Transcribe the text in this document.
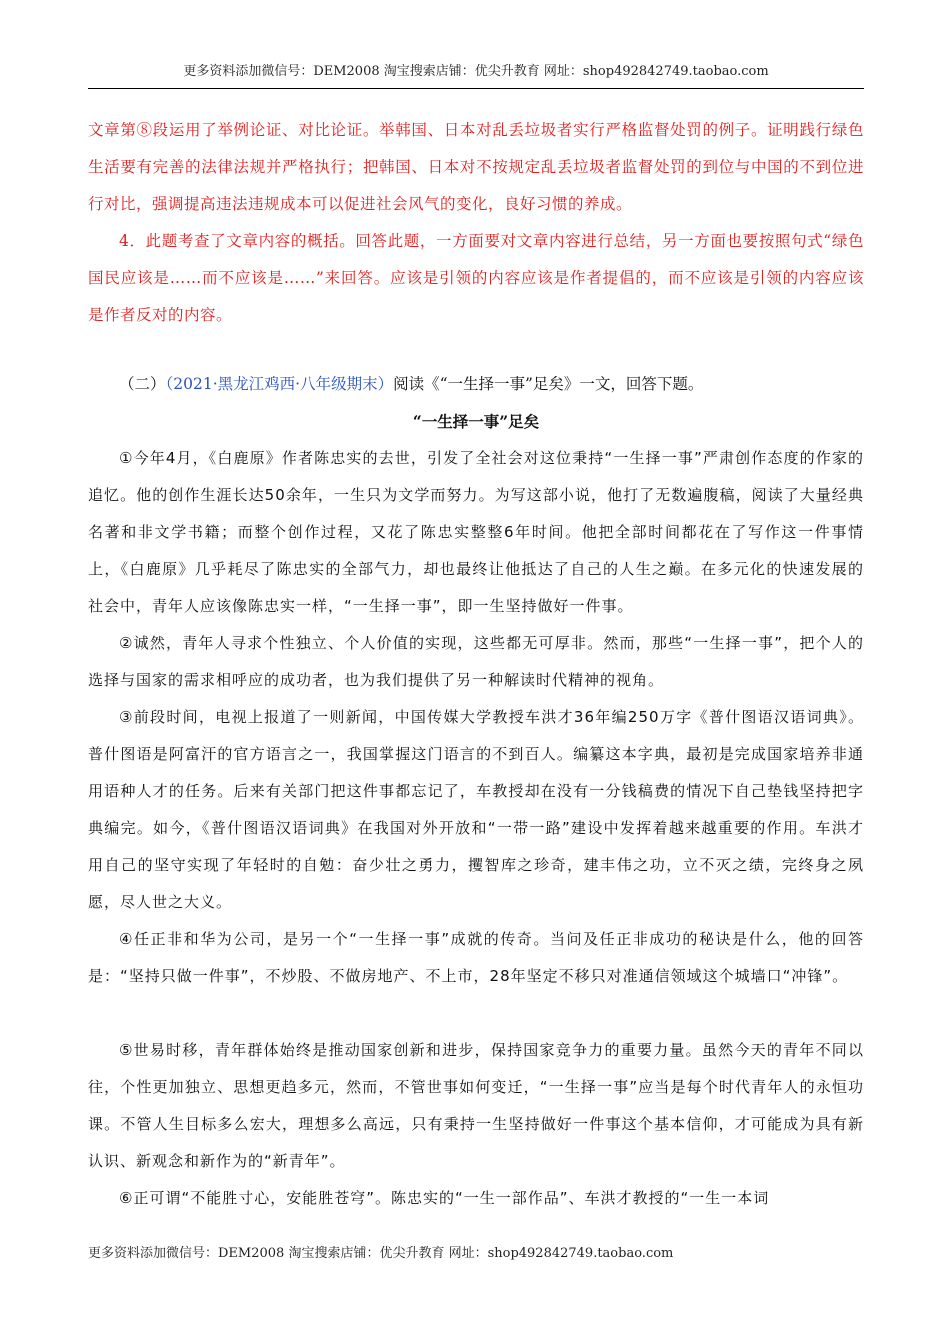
更多资料添加微信号：DEM2008 淘宝搜索店铺：优尖升教育 网址：shop492842749.taobao.com
文章第⑧段运用了举例论证、对比论证。举韩国、日本对乱丢垃圾者实行严格监督处罚的例子。证明践行绿色生活要有完善的法律法规并严格执行；把韩国、日本对不按规定乱丢垃圾者监督处罚的到位与中国的不到位进行对比，强调提高违法违规成本可以促进社会风气的变化，良好习惯的养成。
4．此题考查了文章内容的概括。回答此题，一方面要对文章内容进行总结，另一方面也要按照句式“绿色国民应该是……而不应该是……”来回答。应该是引领的内容应该是作者提倡的，而不应该是引领的内容应该是作者反对的内容。
（二）（2021·黑龙江鸡西·八年级期末）阅读《“一生择一事”足矣》一文，回答下题。
“一生择一事”足矣
①今年4月，《白鹿原》作者陈忠实的去世，引发了全社会对这位秉持“一生择一事”严肃创作态度的作家的追忆。他的创作生涯长达50余年，一生只为文学而努力。为写这部小说，他打了无数遍腹稿，阅读了大量经典名著和非文学书籍；而整个创作过程，又花了陈忠实整整6年时间。他把全部时间都花在了写作这一件事情上，《白鹿原》几乎耗尽了陈忠实的全部气力，却也最终让他抵达了自己的人生之巅。在多元化的快速发展的社会中，青年人应该像陈忠实一样，“一生择一事”，即一生坚持做好一件事。
②诚然，青年人寻求个性独立、个人价值的实现，这些都无可厚非。然而，那些“一生择一事”，把个人的选择与国家的需求相呼应的成功者，也为我们提供了另一种解读时代精神的视角。
③前段时间，电视上报道了一则新闻，中国传媒大学教授车洪才36年编250万字《普什图语汉语词典》。普什图语是阿富汗的官方语言之一，我国掌握这门语言的不到百人。编纂这本字典，最初是完成国家培养非通用语种人才的任务。后来有关部门把这件事都忘记了，车教授却在没有一分钱稿费的情况下自己垫钱坚持把字典编完。如今，《普什图语汉语词典》在我国对外开放和“一带一路”建设中发挥着越来越重要的作用。车洪才用自己的坚守实现了年轻时的自勉：奋少壮之勇力，攫智库之珍奇，建丰伟之功，立不灭之绩，完终身之夙愿，尽人世之大义。
④任正非和华为公司，是另一个“一生择一事”成就的传奇。当问及任正非成功的秘诀是什么，他的回答是：“坚持只做一件事”，不炒股、不做房地产、不上市，28年坚定不移只对准通信领域这个城墙口“冲锋”。
⑤世易时移，青年群体始终是推动国家创新和进步，保持国家竞争力的重要力量。虽然今天的青年不同以往，个性更加独立、思想更趋多元，然而，不管世事如何变迁，“一生择一事”应当是每个时代青年人的永恒功课。不管人生目标多么宏大，理想多么高远，只有秉持一生坚持做好一件事这个基本信仰，才可能成为具有新认识、新观念和新作为的“新青年”。
⑥正可谓“不能胜寸心，安能胜苍穹”。陈忠实的“一生一部作品”、车洪才教授的“一生一本词
更多资料添加微信号：DEM2008 淘宝搜索店铺：优尖升教育 网址：shop492842749.taobao.com
